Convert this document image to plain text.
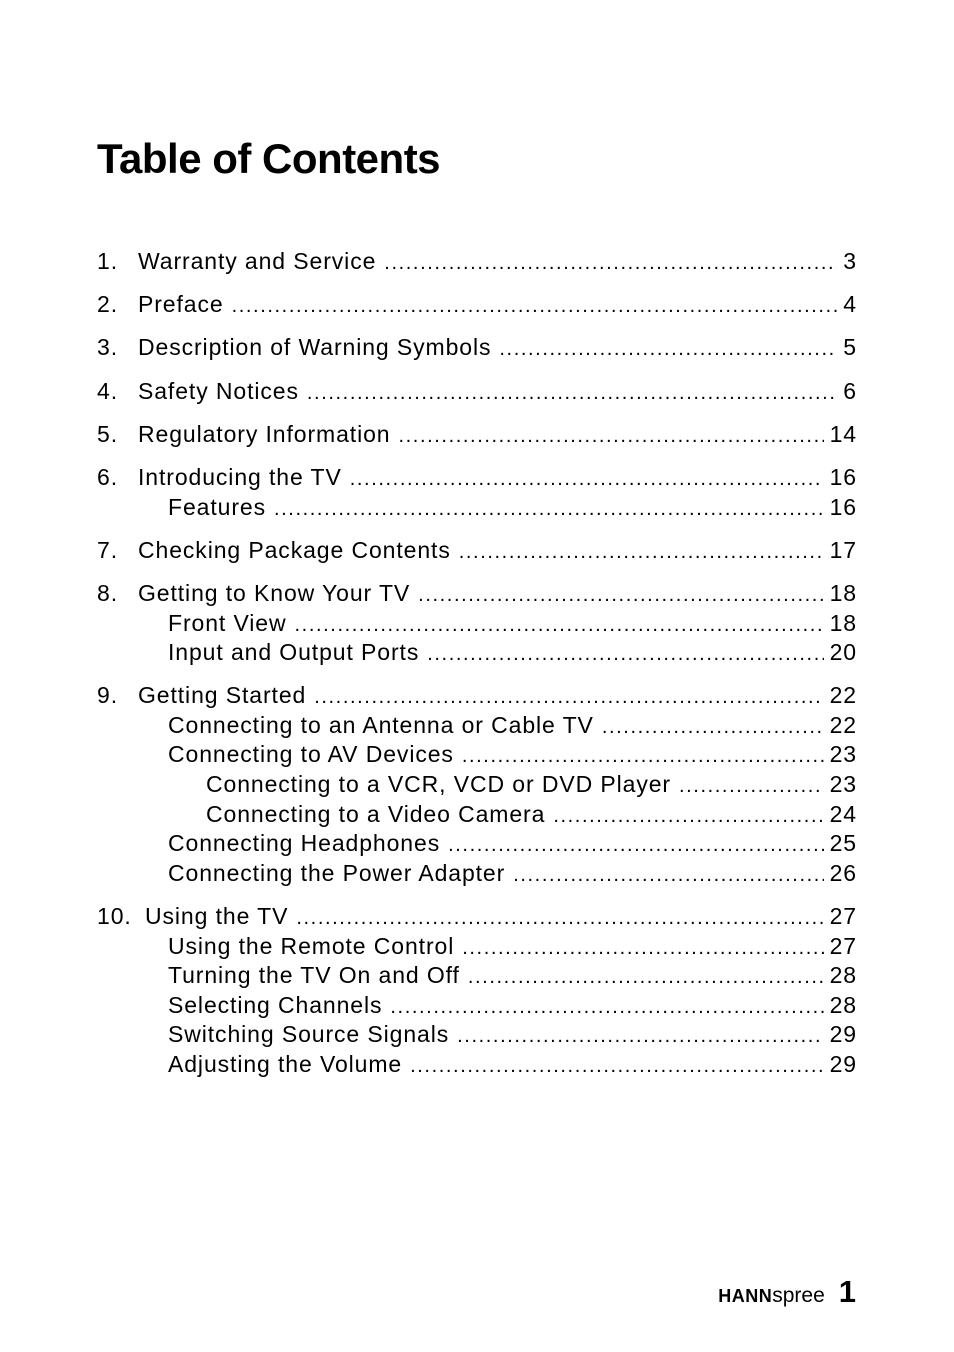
Table of Contents
1. Warranty and Service .....	3
2. Preface .....	4
3. Description of Warning Symbols .....	5
4. Safety Notices .....	6
5. Regulatory Information .....	14
6. Introducing the TV .....	16
Features .....	16
7. Checking Package Contents .....	17
8. Getting to Know Your TV .....	18
Front View .....	18
Input and Output Ports .....	20
9. Getting Started .....	22
Connecting to an Antenna or Cable TV .....	22
Connecting to AV Devices .....	23
Connecting to a VCR, VCD or DVD Player .....	23
Connecting to a Video Camera .....	24
Connecting Headphones .....	25
Connecting the Power Adapter .....	26
10. Using the TV .....	27
Using the Remote Control .....	27
Turning the TV On and Off .....	28
Selecting Channels .....	28
Switching Source Signals .....	29
Adjusting the Volume .....	29
HANN spree 1
